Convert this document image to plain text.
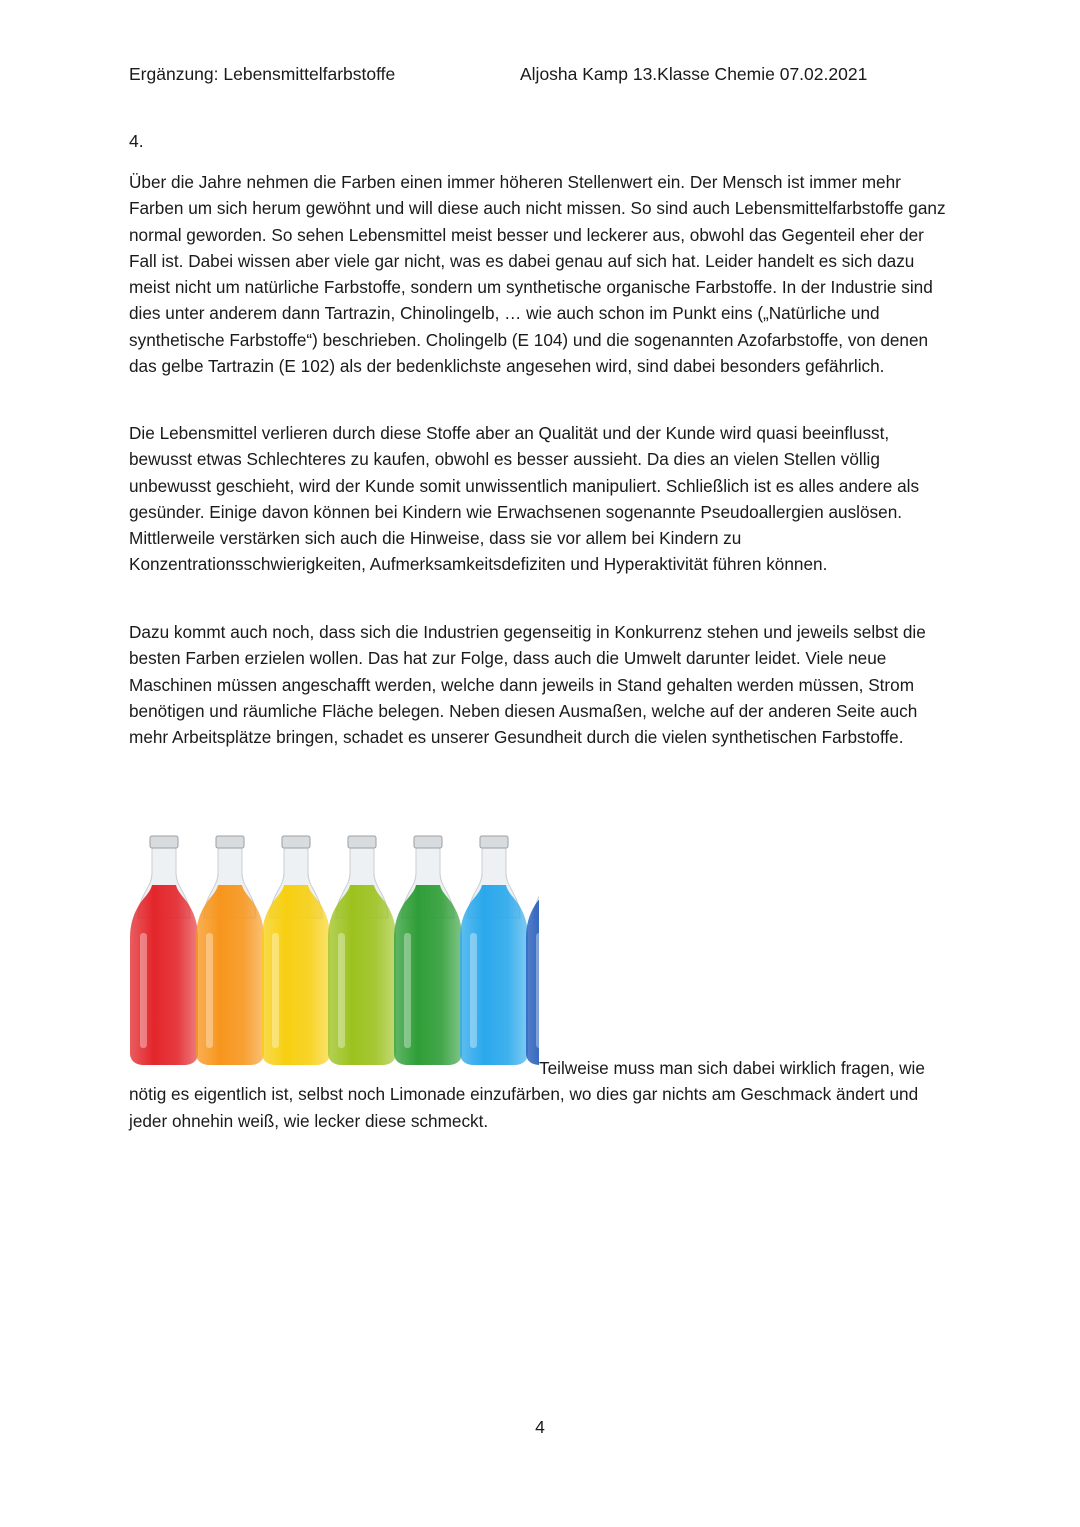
Ergänzung: Lebensmittelfarbstoffe	Aljosha Kamp 13.Klasse Chemie 07.02.2021
4.

Über die Jahre nehmen die Farben einen immer höheren Stellenwert ein. Der Mensch ist immer mehr Farben um sich herum gewöhnt und will diese auch nicht missen. So sind auch Lebensmittelfarbstoffe ganz normal geworden. So sehen Lebensmittel meist besser und leckerer aus, obwohl das Gegenteil eher der Fall ist. Dabei wissen aber viele gar nicht, was es dabei genau auf sich hat. Leider handelt es sich dazu meist nicht um natürliche Farbstoffe, sondern um synthetische organische Farbstoffe. In der Industrie sind dies unter anderem dann Tartrazin, Chinolingelb, … wie auch schon im Punkt eins („Natürliche und synthetische Farbstoffe“) beschrieben. Cholingelb (E 104) und die sogenannten Azofarbstoffe, von denen das gelbe Tartrazin (E 102) als der bedenklichste angesehen wird, sind dabei besonders gefährlich.

Die Lebensmittel verlieren durch diese Stoffe aber an Qualität und der Kunde wird quasi beeinflusst, bewusst etwas Schlechteres zu kaufen, obwohl es besser aussieht. Da dies an vielen Stellen völlig unbewusst geschieht, wird der Kunde somit unwissentlich manipuliert. Schließlich ist es alles andere als gesünder. Einige davon können bei Kindern wie Erwachsenen sogenannte Pseudoallergien auslösen. Mittlerweile verstärken sich auch die Hinweise, dass sie vor allem bei Kindern zu Konzentrationsschwierigkeiten, Aufmerksamkeitsdefiziten und Hyperaktivität führen können.

Dazu kommt auch noch, dass sich die Industrien gegenseitig in Konkurrenz stehen und jeweils selbst die besten Farben erzielen wollen. Das hat zur Folge, dass auch die Umwelt darunter leidet. Viele neue Maschinen müssen angeschafft werden, welche dann jeweils in Stand gehalten werden müssen, Strom benötigen und räumliche Fläche belegen. Neben diesen Ausmaßen, welche auf der anderen Seite auch mehr Arbeitsplätze bringen, schadet es unserer Gesundheit durch die vielen synthetischen Farbstoffe.

Teilweise muss man sich dabei wirklich fragen, wie nötig es eigentlich ist, selbst noch Limonade einzufärben, wo dies gar nichts am Geschmack ändert und jeder ohnehin weiß, wie lecker diese schmeckt.
4
